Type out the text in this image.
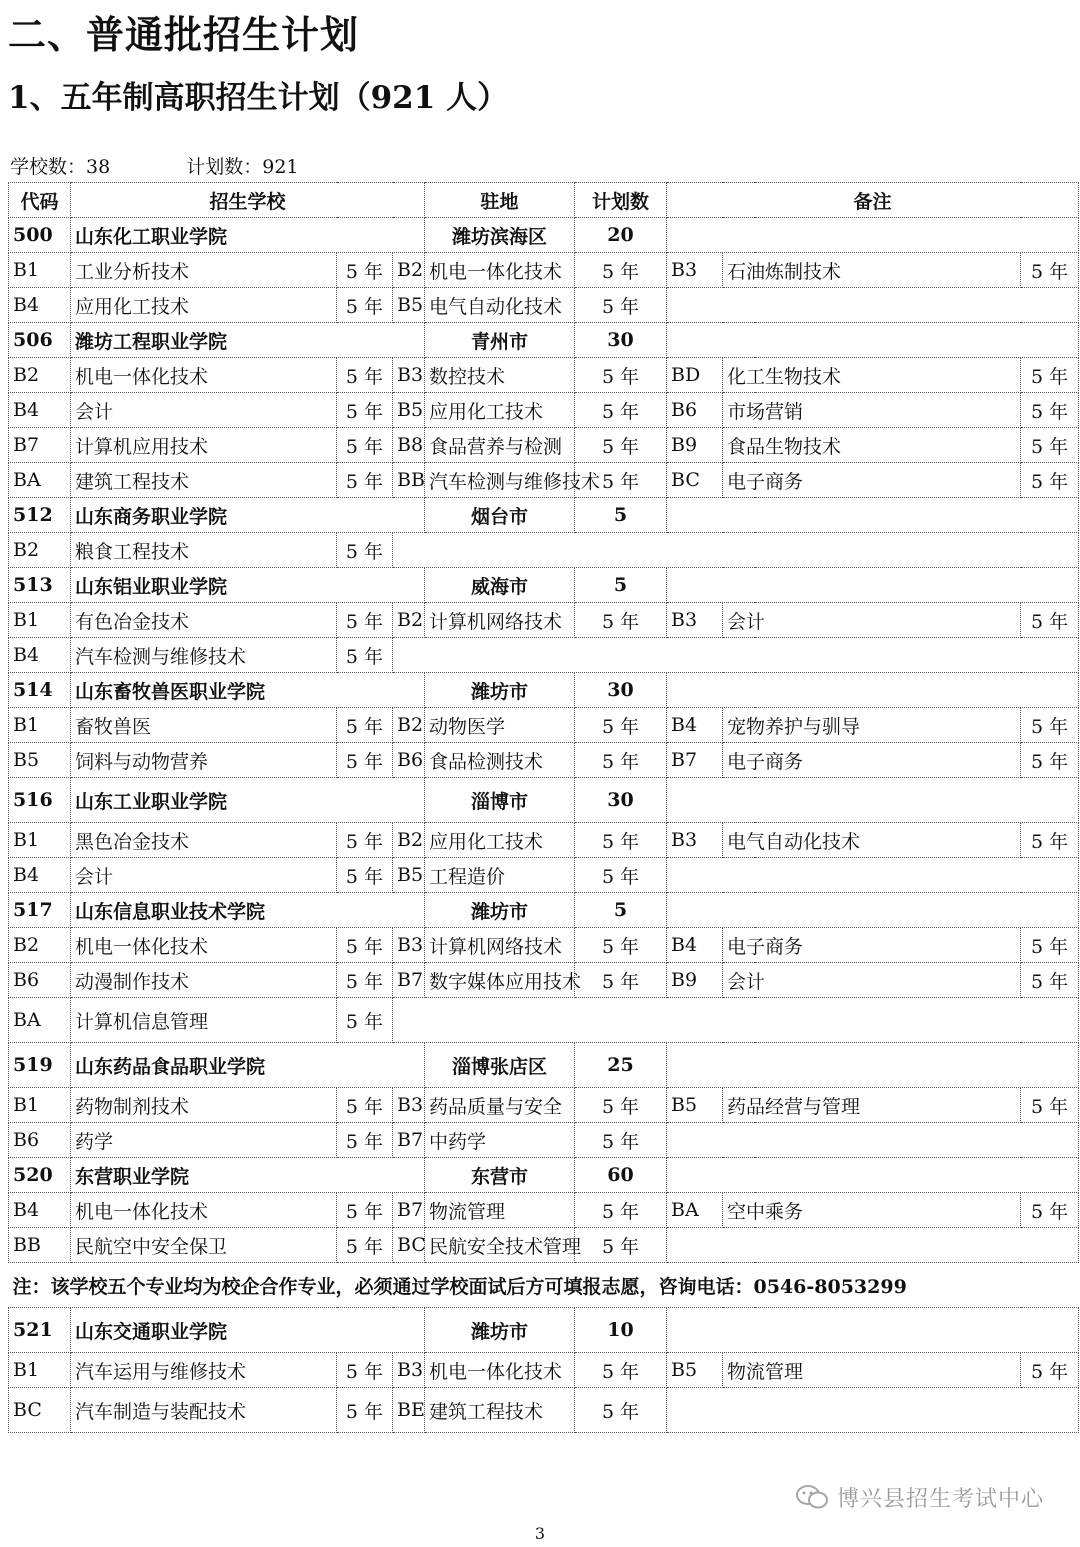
二、普通批招生计划
1、五年制高职招生计划（921 人）
学校数：38	计划数：921
代码	招生学校			驻地	计划数	备注		
500	山东化工职业学院			潍坊滨海区	20			
B1	工业分析技术	5 年	B2	机电一体化技术	5 年	B3	石油炼制技术	5 年
B4	应用化工技术	5 年	B5	电气自动化技术	5 年			
506	潍坊工程职业学院			青州市	30			
B2	机电一体化技术	5 年	B3	数控技术	5 年	BD	化工生物技术	5 年
B4	会计	5 年	B5	应用化工技术	5 年	B6	市场营销	5 年
B7	计算机应用技术	5 年	B8	食品营养与检测	5 年	B9	食品生物技术	5 年
BA	建筑工程技术	5 年	BB	汽车检测与维修技术	5 年	BC	电子商务	5 年
512	山东商务职业学院			烟台市	5			
B2	粮食工程技术	5 年						
513	山东铝业职业学院			威海市	5			
B1	有色冶金技术	5 年	B2	计算机网络技术	5 年	B3	会计	5 年
B4	汽车检测与维修技术	5 年						
514	山东畜牧兽医职业学院			潍坊市	30			
B1	畜牧兽医	5 年	B2	动物医学	5 年	B4	宠物养护与驯导	5 年
B5	饲料与动物营养	5 年	B6	食品检测技术	5 年	B7	电子商务	5 年
516	山东工业职业学院			淄博市	30			
B1	黑色冶金技术	5 年	B2	应用化工技术	5 年	B3	电气自动化技术	5 年
B4	会计	5 年	B5	工程造价	5 年			
517	山东信息职业技术学院			潍坊市	5			
B2	机电一体化技术	5 年	B3	计算机网络技术	5 年	B4	电子商务	5 年
B6	动漫制作技术	5 年	B7	数字媒体应用技术	5 年	B9	会计	5 年
BA	计算机信息管理	5 年						
519	山东药品食品职业学院			淄博张店区	25			
B1	药物制剂技术	5 年	B3	药品质量与安全	5 年	B5	药品经营与管理	5 年
B6	药学	5 年	B7	中药学	5 年			
520	东营职业学院			东营市	60			
B4	机电一体化技术	5 年	B7	物流管理	5 年	BA	空中乘务	5 年
BB	民航空中安全保卫	5 年	BC	民航安全技术管理	5 年			
注：该学校五个专业均为校企合作专业，必须通过学校面试后方可填报志愿，咨询电话：0546-8053299								
521	山东交通职业学院			潍坊市	10			
B1	汽车运用与维修技术	5 年	B3	机电一体化技术	5 年	B5	物流管理	5 年
BC	汽车制造与装配技术	5 年	BE	建筑工程技术	5 年			
博兴县招生考试中心
3
